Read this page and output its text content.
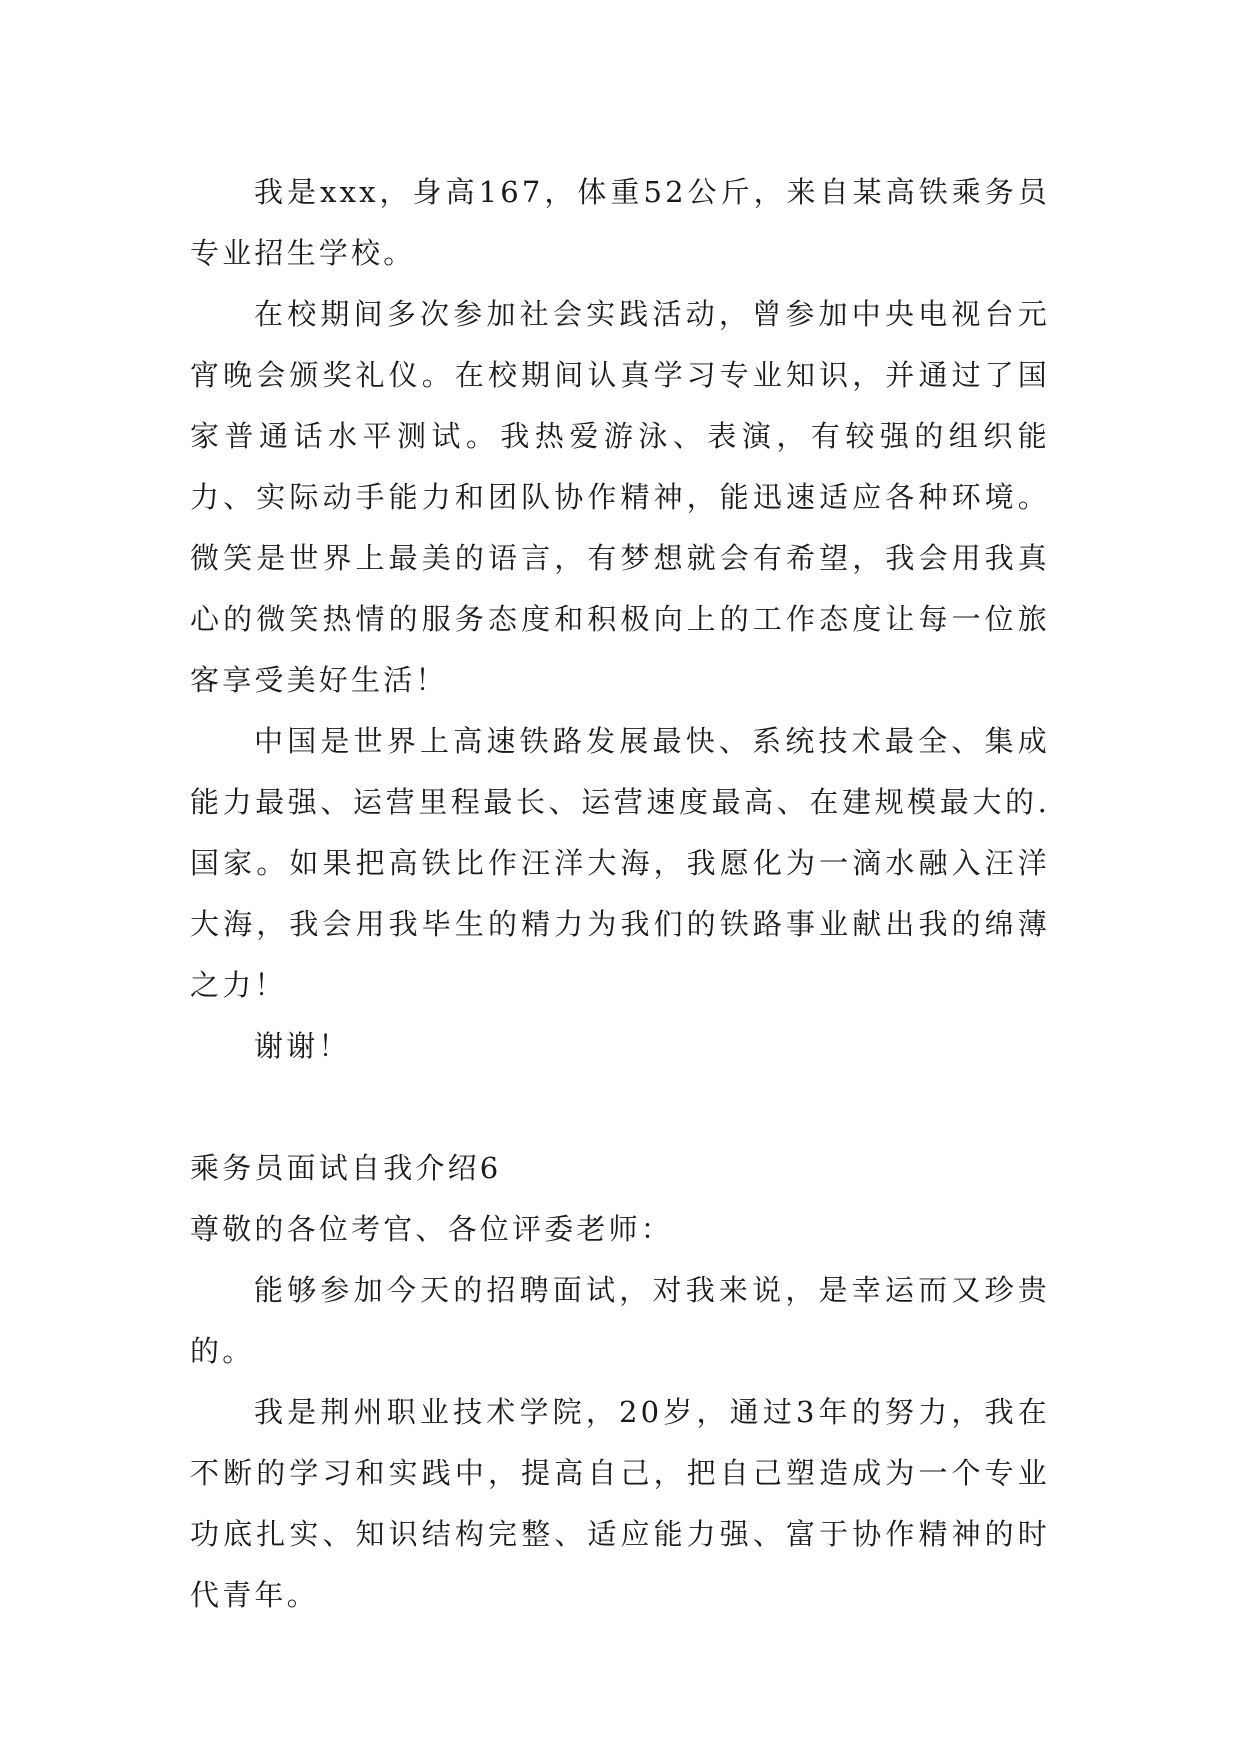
我是xxx，身高167，体重52公斤，来自某高铁乘务员专业招生学校。

在校期间多次参加社会实践活动，曾参加中央电视台元宵晚会颁奖礼仪。在校期间认真学习专业知识，并通过了国家普通话水平测试。我热爱游泳、表演，有较强的组织能力、实际动手能力和团队协作精神，能迅速适应各种环境。微笑是世界上最美的语言，有梦想就会有希望，我会用我真心的微笑热情的服务态度和积极向上的工作态度让每一位旅客享受美好生活！

中国是世界上高速铁路发展最快、系统技术最全、集成能力最强、运营里程最长、运营速度最高、在建规模最大的.国家。如果把高铁比作汪洋大海，我愿化为一滴水融入汪洋大海，我会用我毕生的精力为我们的铁路事业献出我的绵薄之力！

谢谢！

乘务员面试自我介绍6

尊敬的各位考官、各位评委老师：

能够参加今天的招聘面试，对我来说，是幸运而又珍贵的。

我是荆州职业技术学院，20岁，通过3年的努力，我在不断的学习和实践中，提高自己，把自己塑造成为一个专业功底扎实、知识结构完整、适应能力强、富于协作精神的时代青年。
